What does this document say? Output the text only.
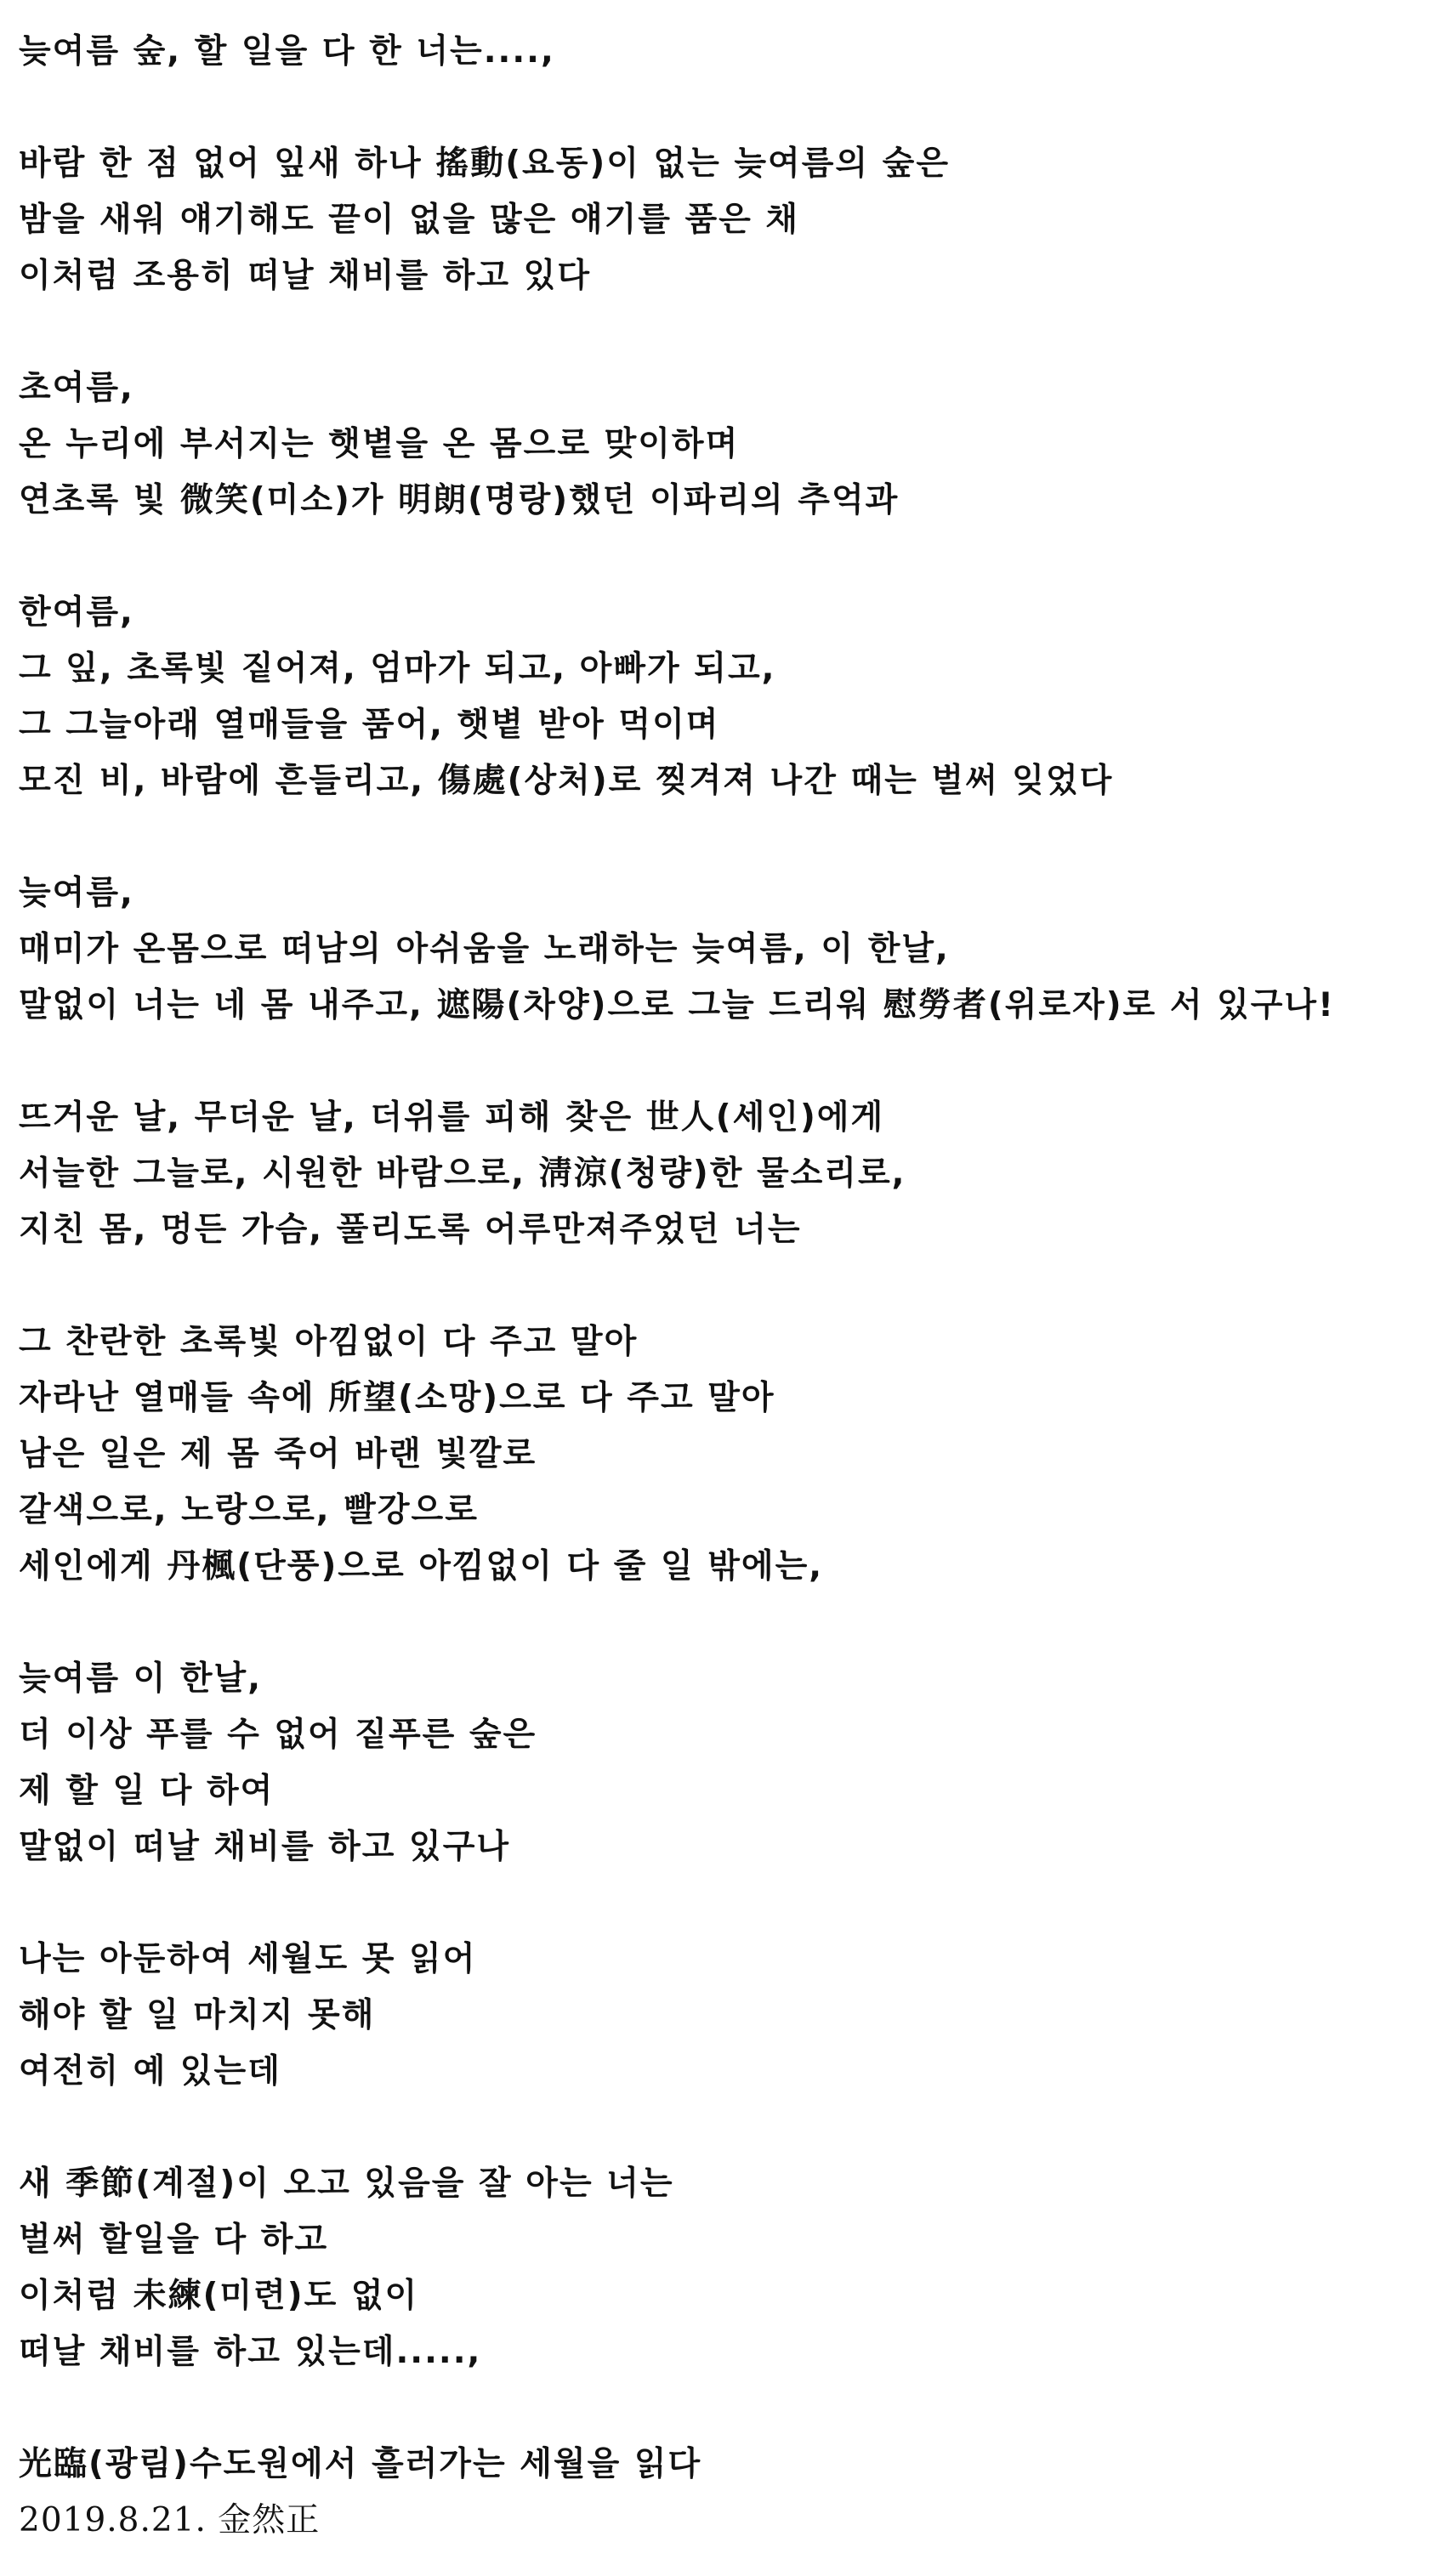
늦여름 숲, 할 일을 다 한 너는....,
바람 한 점 없어 잎새 하나 搖動(요동)이 없는 늦여름의 숲은
밤을 새워 얘기해도 끝이 없을 많은 얘기를 품은 채
이처럼 조용히 떠날 채비를 하고 있다
초여름,
온 누리에 부서지는 햇볕을 온 몸으로 맞이하며
연초록 빛 微笑(미소)가 明朗(명랑)했던 이파리의 추억과
한여름,
그 잎, 초록빛 짙어져, 엄마가 되고, 아빠가 되고,
그 그늘아래 열매들을 품어, 햇볕 받아 먹이며
모진 비, 바람에 흔들리고, 傷處(상처)로 찢겨져 나간 때는 벌써 잊었다
늦여름,
매미가 온몸으로 떠남의 아쉬움을 노래하는 늦여름, 이 한날,
말없이 너는 네 몸 내주고, 遮陽(차양)으로 그늘 드리워 慰勞者(위로자)로 서 있구나!
뜨거운 날, 무더운 날, 더위를 피해 찾은 世人(세인)에게
서늘한 그늘로, 시원한 바람으로, 淸涼(청량)한 물소리로,
지친 몸, 멍든 가슴, 풀리도록 어루만져주었던 너는
그 찬란한 초록빛 아낌없이 다 주고 말아
자라난 열매들 속에 所望(소망)으로 다 주고 말아
남은 일은 제 몸 죽어 바랜 빛깔로
갈색으로, 노랑으로, 빨강으로
세인에게 丹楓(단풍)으로 아낌없이 다 줄 일 밖에는,
늦여름 이 한날,
더 이상 푸를 수 없어 짙푸른 숲은
제 할 일 다 하여
말없이 떠날 채비를 하고 있구나
나는 아둔하여 세월도 못 읽어
해야 할 일 마치지 못해
여전히 예 있는데
새 季節(계절)이 오고 있음을 잘 아는 너는
벌써 할일을 다 하고
이처럼 未練(미련)도 없이
떠날 채비를 하고 있는데.....,
光臨(광림)수도원에서 흘러가는 세월을 읽다
2019.8.21. 金然正
